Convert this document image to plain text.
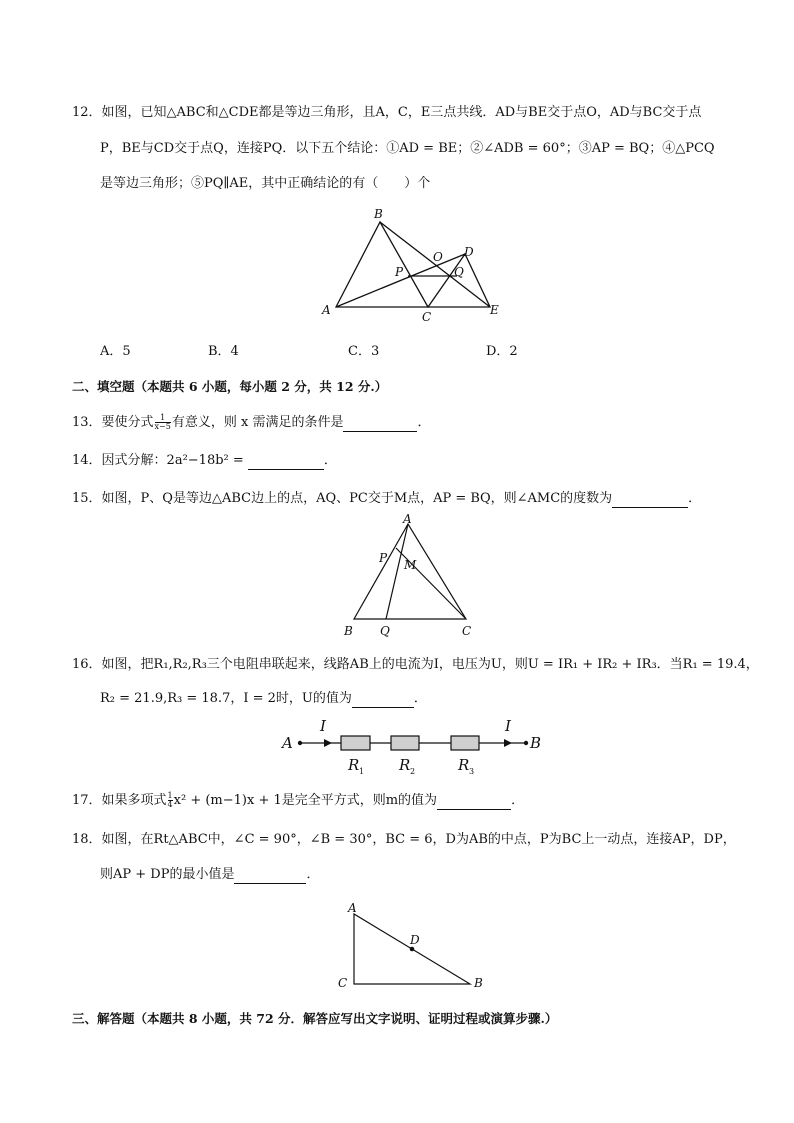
12．如图，已知△ABC和△CDE都是等边三角形，且A，C，E三点共线．AD与BE交于点O，AD与BC交于点
P，BE与CD交于点Q，连接PQ．以下五个结论：①AD = BE；②∠ADB = 60°；③AP = BQ；④△PCQ
是等边三角形；⑤PQ∥AE，其中正确结论的有（　　）个
A
B
C
D
E
O
P	Q
A．5	B．4	C．3	D．2
二、填空题（本题共 6 小题，每小题 2 分，共 12 分.）
13．要使分式 $\frac{1}{x-5}$ 有意义，则 x 需满足的条件是	．
14．因式分解：2a²−18b² =	．
15．如图，P、Q是等边△ABC边上的点，AQ、PC交于M点，AP = BQ，则∠AMC的度数为	．
A
B	C
P M
Q
16．如图，把R₁,R₂,R₃三个电阻串联起来，线路AB上的电流为I，电压为U，则U = IR₁ + IR₂ + IR₃．当R₁ = 19.4，
R₂ = 21.9,R₃ = 18.7，I = 2时，U的值为	．
A	B
I	I
R 1 R 2	R 3
17．如果多项式 $\frac{1}{4} x^2 + (m-1)x + 1$是完全平方式，则m的值为	．
18．如图，在Rt△ABC中，∠C = 90°，∠B = 30°，BC = 6，D为AB的中点，P为BC上一动点，连接AP，DP，
则AP + DP的最小值是	．
A
C	B
D
三、解答题（本题共 8 小题，共 72 分．解答应写出文字说明、证明过程或演算步骤.）
